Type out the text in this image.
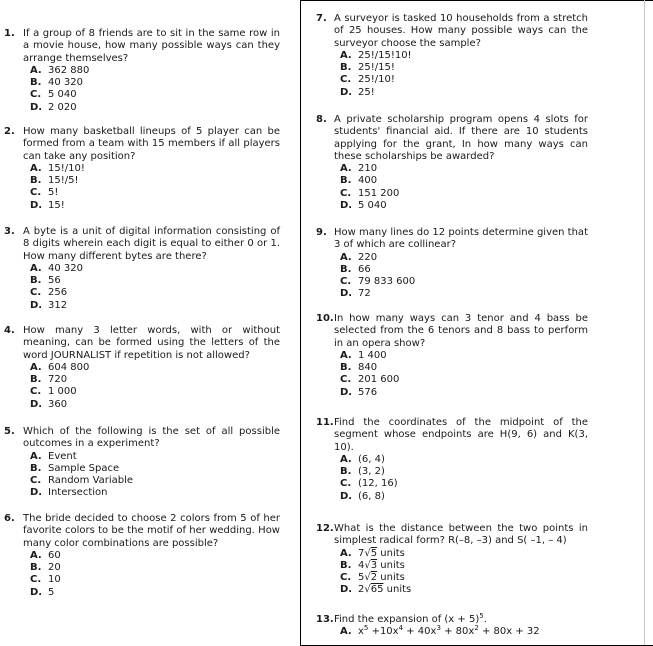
1. If a group of 8 friends are to sit in the same row in a movie house, how many possible ways can they arrange themselves?
A. 362 880
B. 40 320
C. 5 040
D. 2 020
2. How many basketball lineups of 5 player can be formed from a team with 15 members if all players can take any position?
A. 15!/10!
B. 15!/5!
C. 5!
D. 15!
3. A byte is a unit of digital information consisting of 8 digits wherein each digit is equal to either 0 or 1. How many different bytes are there?
A. 40 320
B. 56
C. 256
D. 312
4. How many 3 letter words, with or without meaning, can be formed using the letters of the word JOURNALIST if repetition is not allowed?
A. 604 800
B. 720
C. 1 000
D. 360
5. Which of the following is the set of all possible outcomes in a experiment?
A. Event
B. Sample Space
C. Random Variable
D. Intersection
6. The bride decided to choose 2 colors from 5 of her favorite colors to be the motif of her wedding. How many color combinations are possible?
A. 60
B. 20
C. 10
D. 5
7. A surveyor is tasked 10 households from a stretch of 25 houses. How many possible ways can the surveyor choose the sample?
A. 25!/15!10!
B. 25!/15!
C. 25!/10!
D. 25!
8. A private scholarship program opens 4 slots for students' financial aid. If there are 10 students applying for the grant, In how many ways can these scholarships be awarded?
A. 210
B. 400
C. 151 200
D. 5 040
9. How many lines do 12 points determine given that 3 of which are collinear?
A. 220
B. 66
C. 79 833 600
D. 72
10. In how many ways can 3 tenor and 4 bass be selected from the 6 tenors and 8 bass to perform in an opera show?
A. 1 400
B. 840
C. 201 600
D. 576
11. Find the coordinates of the midpoint of the segment whose endpoints are H(9, 6) and K(3, 10).
A. (6, 4)
B. (3, 2)
C. (12, 16)
D. (6, 8)
12. What is the distance between the two points in simplest radical form? R(–8, –3) and S( –1, – 4)
A. 7√5 units
B. 4√3 units
C. 5√2 units
D. 2√65 units
13. Find the expansion of $(x + 5)^5$.
A. $x^5 +10x^4 + 40x^3 + 80x^2 + 80x + 32$
